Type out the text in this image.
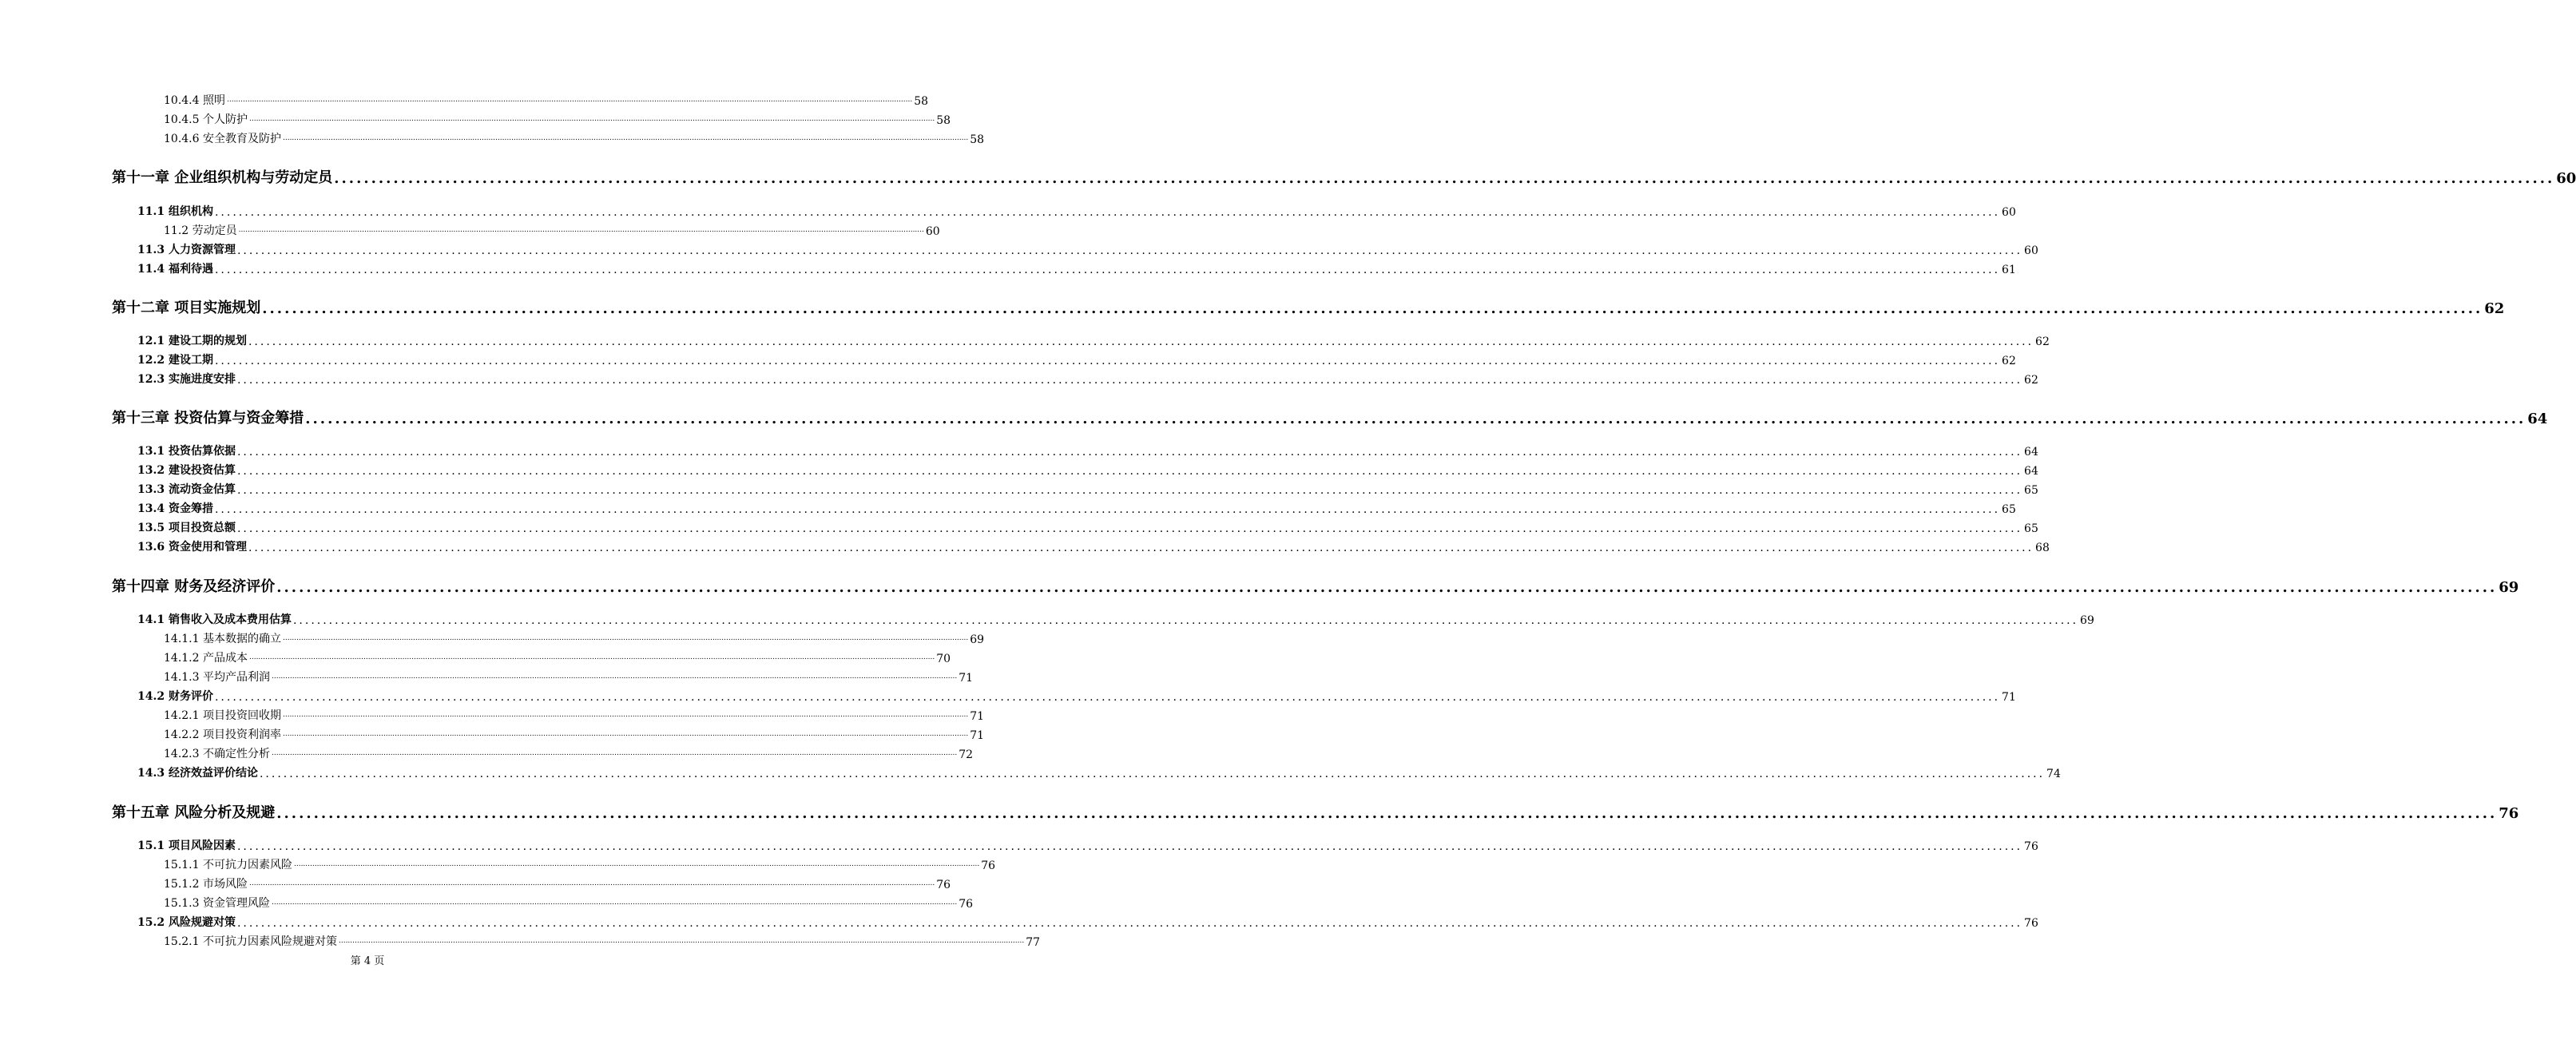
10.4.4 照明 ............................................................................................................................................................................................................................................................................................................ 58
10.4.5 个人防护 ............................................................................................................................................................................................................................................................................................................ 58
10.4.6 安全教育及防护 ............................................................................................................................................................................................................................................................................................................ 58
第十一章 企业组织机构与劳动定员 ............................................................................................................................................................................................................................................................................................................ 60
11.1 组织机构 ............................................................................................................................................................................................................................................................................................................ 60
11.2 劳动定员 ............................................................................................................................................................................................................................................................................................................ 60
11.3 人力资源管理 ............................................................................................................................................................................................................................................................................................................ 60
11.4 福利待遇 ............................................................................................................................................................................................................................................................................................................ 61
第十二章 项目实施规划 ............................................................................................................................................................................................................................................................................................................ 62
12.1 建设工期的规划 ............................................................................................................................................................................................................................................................................................................ 62
12.2 建设工期 ............................................................................................................................................................................................................................................................................................................ 62
12.3 实施进度安排 ............................................................................................................................................................................................................................................................................................................ 62
第十三章 投资估算与资金筹措 ............................................................................................................................................................................................................................................................................................................ 64
13.1 投资估算依据 ............................................................................................................................................................................................................................................................................................................ 64
13.2 建设投资估算 ............................................................................................................................................................................................................................................................................................................ 64
13.3 流动资金估算 ............................................................................................................................................................................................................................................................................................................ 65
13.4 资金筹措 ............................................................................................................................................................................................................................................................................................................ 65
13.5 项目投资总额 ............................................................................................................................................................................................................................................................................................................ 65
13.6 资金使用和管理 ............................................................................................................................................................................................................................................................................................................ 68
第十四章 财务及经济评价 ............................................................................................................................................................................................................................................................................................................ 69
14.1 销售收入及成本费用估算 ............................................................................................................................................................................................................................................................................................................ 69
14.1.1 基本数据的确立 ............................................................................................................................................................................................................................................................................................................ 69
14.1.2 产品成本 ............................................................................................................................................................................................................................................................................................................ 70
14.1.3 平均产品利润 ............................................................................................................................................................................................................................................................................................................ 71
14.2 财务评价 ............................................................................................................................................................................................................................................................................................................ 71
14.2.1 项目投资回收期 ............................................................................................................................................................................................................................................................................................................ 71
14.2.2 项目投资利润率 ............................................................................................................................................................................................................................................................................................................ 71
14.2.3 不确定性分析 ............................................................................................................................................................................................................................................................................................................ 72
14.3 经济效益评价结论 ............................................................................................................................................................................................................................................................................................................ 74
第十五章 风险分析及规避 ............................................................................................................................................................................................................................................................................................................ 76
15.1 项目风险因素 ............................................................................................................................................................................................................................................................................................................ 76
15.1.1 不可抗力因素风险 ............................................................................................................................................................................................................................................................................................................ 76
15.1.2 市场风险 ............................................................................................................................................................................................................................................................................................................ 76
15.1.3 资金管理风险 ............................................................................................................................................................................................................................................................................................................ 76
15.2 风险规避对策 ............................................................................................................................................................................................................................................................................................................ 76
15.2.1 不可抗力因素风险规避对策 ............................................................................................................................................................................................................................................................................................................ 77
第 4 页
